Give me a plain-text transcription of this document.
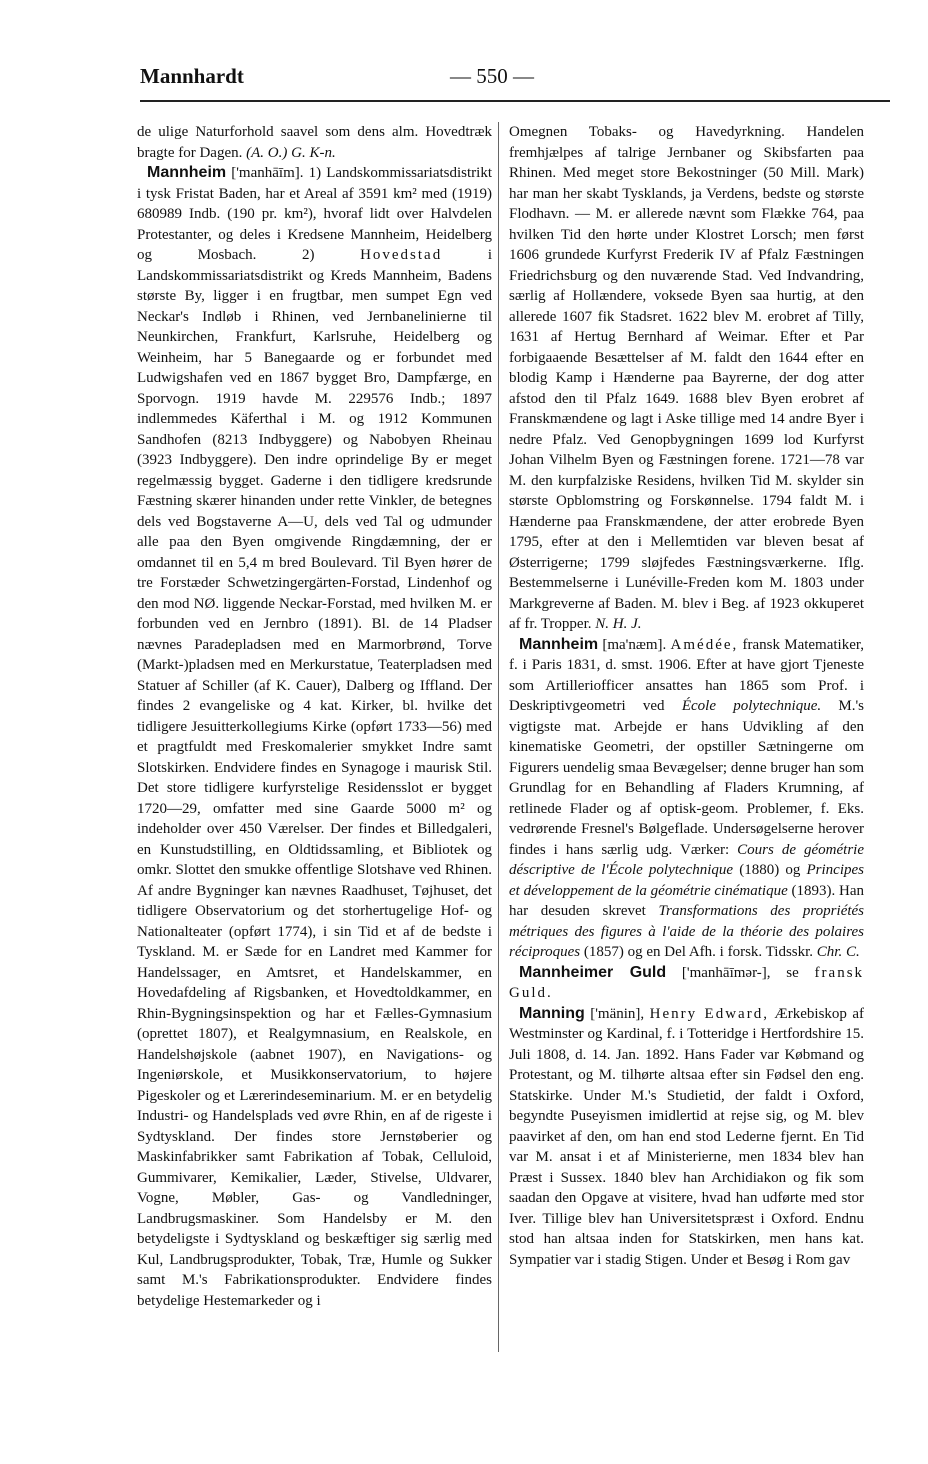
Mannhardt	— 550 —

de ulige Naturforhold saavel som dens alm. Hovedtræk bragte for Dagen. (A. O.) G. K-n.

Mannheim ['manhāīm]. 1) Landskommissariatsdistrikt i tysk Fristat Baden, har et Areal af 3591 km² med (1919) 680989 Indb. (190 pr. km²), hvoraf lidt over Halvdelen Protestanter, og deles i Kredsene Mannheim, Heidelberg og Mosbach. 2)	Hovedstad	i Landskommissariatsdistrikt og Kreds Mannheim, Badens største By, ligger i en frugtbar, men sumpet Egn ved Neckar's Indløb i Rhinen, ved Jernbanelinierne til Neunkirchen, Frankfurt, Karlsruhe, Heidelberg og Weinheim, har 5 Banegaarde og er forbundet med Ludwigshafen ved en 1867 bygget Bro, Dampfærge, en Sporvogn. 1919 havde M. 229576 Indb.; 1897 indlemmedes Käferthal i M. og 1912 Kommunen Sandhofen (8213 Indbyggere) og Nabobyen Rheinau (3923 Indbyggere). Den indre oprindelige By er meget regelmæssig bygget. Gaderne i den tidligere kredsrunde Fæstning skærer hinanden under rette Vinkler, de betegnes dels ved Bogstaverne A—U, dels ved Tal og udmunder alle paa den Byen omgivende Ringdæmning, der er omdannet til en 5,4 m bred Boulevard. Til Byen hører de tre Forstæder Schwetzingergärten-Forstad, Lindenhof og den mod NØ. liggende Neckar-Forstad, med hvilken M. er forbunden ved en Jernbro (1891). Bl. de 14 Pladser nævnes Paradepladsen med en Marmorbrønd, Torve (Markt-)pladsen med en Merkurstatue, Teaterpladsen med Statuer af Schiller (af K. Cauer), Dalberg og Iffland. Der findes 2 evangeliske og 4 kat. Kirker, bl. hvilke det tidligere Jesuitterkollegiums Kirke (opført 1733—56) med et pragtfuldt med Freskomalerier smykket Indre samt Slotskirken. Endvidere findes en Synagoge i maurisk Stil. Det store tidligere kurfyrstelige Residensslot er bygget 1720—29, omfatter med sine Gaarde 5000 m² og indeholder over 450 Værelser. Der findes et Billedgaleri, en Kunstudstilling, en Oldtidssamling, et Bibliotek og omkr. Slottet den smukke offentlige Slotshave ved Rhinen. Af andre Bygninger kan nævnes Raadhuset, Tøjhuset, det tidligere Observatorium og det storhertugelige Hof- og Nationalteater (opført 1774), i sin Tid et af de bedste i Tyskland. M. er Sæde for en Landret med Kammer for Handelssager, en Amtsret, et Handelskammer, en Hovedafdeling af Rigsbanken, et Hovedtoldkammer, en Rhin-Bygningsinspektion og har et Fælles-Gymnasium (oprettet 1807), et Realgymnasium, en Realskole, en Handelshøjskole (aabnet 1907), en Navigations- og Ingeniørskole, et Musikkonservatorium, to højere Pigeskoler og et Lærerindeseminarium. M. er en betydelig Industri- og Handelsplads ved øvre Rhin, en af de rigeste i Sydtyskland. Der findes store Jernstøberier og Maskinfabrikker samt Fabrikation af Tobak, Celluloid, Gummivarer, Kemikalier, Læder, Stivelse, Uldvarer, Vogne, Møbler, Gas- og Vandledninger, Landbrugsmaskiner. Som Handelsby er M. den betydeligste i Sydtyskland og beskæftiger sig særlig med Kul, Landbrugsprodukter, Tobak, Træ, Humle og Sukker samt M.'s Fabrikationsprodukter. Endvidere findes betydelige Hestemarkeder og i

Omegnen Tobaks- og Havedyrkning. Handelen fremhjælpes af talrige Jernbaner og Skibsfarten paa Rhinen. Med meget store Bekostninger (50 Mill. Mark) har man her skabt Tysklands, ja Verdens, bedste og største Flodhavn. — M. er allerede nævnt som Flække 764, paa hvilken Tid den hørte under Klostret Lorsch; men først 1606 grundede Kurfyrst Frederik IV af Pfalz Fæstningen Friedrichsburg og den nuværende Stad. Ved Indvandring, særlig af Hollændere, voksede Byen saa hurtig, at den allerede 1607 fik Stadsret. 1622 blev M. erobret af Tilly, 1631 af Hertug Bernhard af Weimar. Efter et Par forbigaaende Besættelser af M. faldt den 1644 efter en blodig Kamp i Hænderne paa Bayrerne, der dog atter afstod den til Pfalz 1649. 1688 blev Byen erobret af Franskmændene og lagt i Aske tillige med 14 andre Byer i nedre Pfalz. Ved Genopbygningen 1699 lod Kurfyrst Johan Vilhelm Byen og Fæstningen forene. 1721—78 var M. den kurpfalziske Residens, hvilken Tid M. skylder sin største Opblomstring og Forskønnelse. 1794 faldt M. i Hænderne paa Franskmændene, der atter erobrede Byen 1795, efter at den i Mellemtiden var bleven besat af Østerrigerne; 1799 sløjfedes Fæstningsværkerne. Iflg. Bestemmelserne i Lunéville-Freden kom M. 1803 under Markgreverne af Baden. M. blev i Beg. af 1923 okkuperet af fr. Tropper. N. H. J.

Mannheim [ma'næm]. Amédée, fransk Matematiker, f. i Paris 1831, d. smst. 1906. Efter at have gjort Tjeneste som Artilleriofficer ansattes han 1865 som Prof. i Deskriptivgeometri ved École polytechnique. M.'s vigtigste mat. Arbejde er hans Udvikling af den kinematiske Geometri, der opstiller Sætningerne om Figurers uendelig smaa Bevægelser; denne bruger han som Grundlag for en Behandling af Fladers Krumning, af retlinede Flader og af optisk-geom. Problemer, f. Eks. vedrørende Fresnel's Bølgeflade. Undersøgelserne herover findes i hans særlig udg. Værker: Cours de géométrie déscriptive de l'École polytechnique (1880) og Principes et développement de la géométrie cinématique (1893). Han har desuden skrevet Transformations des propriétés métriques des figures à l'aide de la théorie des polaires réciproques (1857) og en Del Afh. i forsk. Tidsskr. Chr. C.

Mannheimer Guld ['manhāīmər-], se fransk Guld.

Manning ['mänin], Henry Edward, Ærkebiskop af Westminster og Kardinal, f. i Totteridge i Hertfordshire 15. Juli 1808, d. 14. Jan. 1892. Hans Fader var Købmand og Protestant, og M. tilhørte altsaa efter sin Fødsel den eng. Statskirke. Under M.'s Studietid, der faldt i Oxford, begyndte Puseyismen imidlertid at rejse sig, og M. blev paavirket af den, om han end stod Lederne fjernt. En Tid var M. ansat i et af Ministerierne, men 1834 blev han Præst i Sussex. 1840 blev han Archidiakon og fik som saadan den Opgave at visitere, hvad han udførte med stor Iver. Tillige blev han Universitetspræst i Oxford. Endnu stod han altsaa inden for Statskirken, men hans kat. Sympatier var i stadig Stigen. Under et Besøg i Rom gav
